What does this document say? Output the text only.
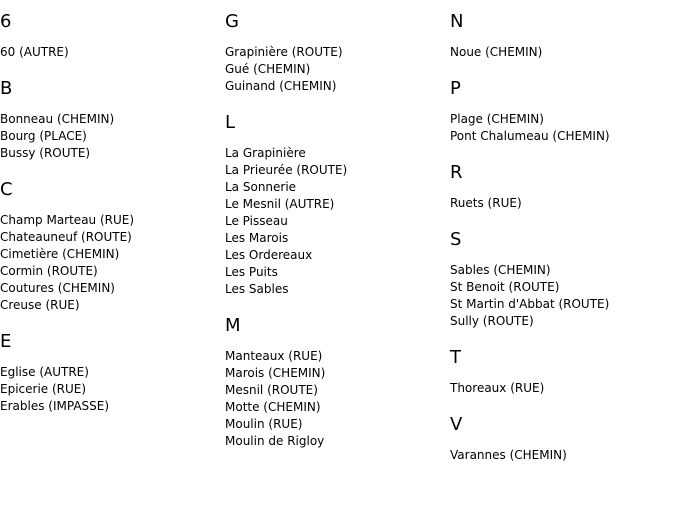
6
60 (AUTRE)
B
Bonneau (CHEMIN)
Bourg (PLACE)
Bussy (ROUTE)
C
Champ Marteau (RUE)
Chateauneuf (ROUTE)
Cimetière (CHEMIN)
Cormin (ROUTE)
Coutures (CHEMIN)
Creuse (RUE)
E
Eglise (AUTRE)
Epicerie (RUE)
Erables (IMPASSE)
G
Grapinière (ROUTE)
Gué (CHEMIN)
Guinand (CHEMIN)
L
La Grapinière
La Prieurée (ROUTE)
La Sonnerie
Le Mesnil (AUTRE)
Le Pisseau
Les Marois
Les Ordereaux
Les Puits
Les Sables
M
Manteaux (RUE)
Marois (CHEMIN)
Mesnil (ROUTE)
Motte (CHEMIN)
Moulin (RUE)
Moulin de Rigloy
N
Noue (CHEMIN)
P
Plage (CHEMIN)
Pont Chalumeau (CHEMIN)
R
Ruets (RUE)
S
Sables (CHEMIN)
St Benoit (ROUTE)
St Martin d'Abbat (ROUTE)
Sully (ROUTE)
T
Thoreaux (RUE)
V
Varannes (CHEMIN)
